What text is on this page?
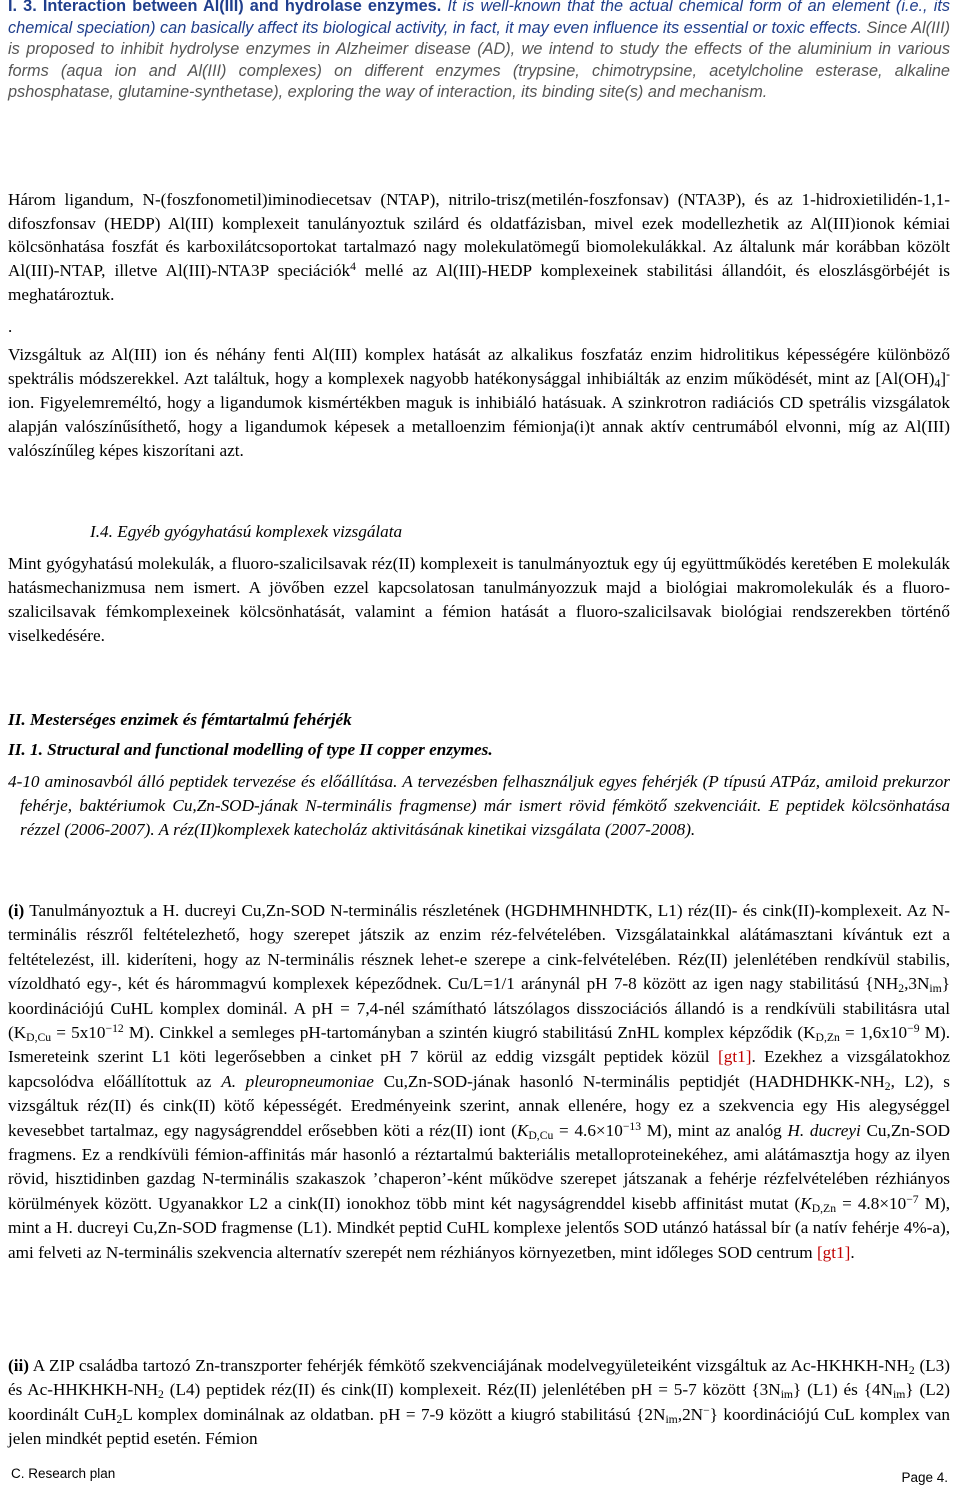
I. 3. Interaction between Al(III) and hydrolase enzymes. It is well-known that the actual chemical form of an element (i.e., its chemical speciation) can basically affect its biological activity, in fact, it may even influence its essential or toxic effects. Since Al(III) is proposed to inhibit hydrolyse enzymes in Alzheimer disease (AD), we intend to study the effects of the aluminium in various forms (aqua ion and Al(III) complexes) on different enzymes (trypsine, chimotrypsine, acetylcholine esterase, alkaline pshosphatase, glutamine-synthetase), exploring the way of interaction, its binding site(s) and mechanism.

Három ligandum, N-(foszfonometil)iminodiecetsav (NTAP), nitrilo-trisz(metilén-foszfonsav) (NTA3P), és az 1-hidroxietilidén-1,1-difoszfonsav (HEDP) Al(III) komplexeit tanulányoztuk szilárd és oldatfázisban, mivel ezek modellezhetik az Al(III)ionok kémiai kölcsönhatása foszfát és karboxilátcsoportokat tartalmazó nagy molekulatömegű biomolekulákkal. Az általunk már korábban közölt Al(III)-NTAP, illetve Al(III)-NTA3P speciációk$^4$ mellé az Al(III)-HEDP komplexeinek stabilitási állandóit, és eloszlásgörbéjét is meghatároztuk.

.

Vizsgáltuk az Al(III) ion és néhány fenti Al(III) komplex hatását az alkalikus foszfatáz enzim hidrolitikus képességére különböző spektrális módszerekkel. Azt találtuk, hogy a komplexek nagyobb hatékonysággal inhibiálták az enzim működését, mint az $[Al(OH)_4]^-$ ion. Figyelemreméltó, hogy a ligandumok kismértékben maguk is inhibiáló hatásuak. A szinkrotron radiációs CD spetrális vizsgálatok alapján valószínűsíthető, hogy a ligandumok képesek a metalloenzim fémionja(i)t annak aktív centrumából elvonni, míg az Al(III) valószínűleg képes kiszorítani azt.

I.4. Egyéb gyógyhatású komplexek vizsgálata

Mint gyógyhatású molekulák, a fluoro-szalicilsavak réz(II) komplexeit is tanulmányoztuk egy új együttműködés keretében E molekulák hatásmechanizmusa nem ismert. A jövőben ezzel kapcsolatosan tanulmányozzuk majd a biológiai makromolekulák és a fluoro-szalicilsavak fémkomplexeinek kölcsönhatását, valamint a fémion hatását a fluoro-szalicilsavak biológiai rendszerekben történő viselkedésére.

II. Mesterséges enzimek és fémtartalmú fehérjék
II. 1. Structural and functional modelling of type II copper enzymes.

4-10 aminosavból álló peptidek tervezése és előállítása. A tervezésben felhasználjuk egyes fehérjék (P típusú ATPáz, amiloid prekurzor fehérje, baktériumok Cu,Zn-SOD-jának N-terminális fragmense) már ismert rövid fémkötő szekvenciáit. E peptidek kölcsönhatása rézzel (2006-2007). A réz(II)komplexek katecholáz aktivitásának kinetikai vizsgálata (2007-2008).

(i) Tanulmányoztuk a H. ducreyi Cu,Zn-SOD N-terminális részletének (HGDHMHNHDTK, L1) réz(II)- és cink(II)-komplexeit. Az N-terminális részről feltételezhető, hogy szerepet játszik az enzim réz-felvételében. Vizsgálatainkkal alátámasztani kívántuk ezt a feltételezést, ill. kideríteni, hogy az N-terminális résznek lehet-e szerepe a cink-felvételében. Réz(II) jelenlétében rendkívül stabilis, vízoldható egy-, két és hárommagvú komplexek képeződnek. Cu/L=1/1 aránynál pH 7-8 között az igen nagy stabilitású $\{NH_2,3N_{im}\}$ koordinációjú CuHL komplex dominál. A pH = 7,4-nél számítható látszólagos disszociációs állandó is a rendkívüli stabilitásra utal ($K_{D,Cu} = 5x10^{-12}$ M). Cinkkel a semleges pH-tartományban a szintén kiugró stabilitású ZnHL komplex képződik ($K_{D,Zn} = 1,6x10^{-9}$ M). Ismereteink szerint L1 köti legerősebben a cinket pH 7 körül az eddig vizsgált peptidek közül [gt1]. Ezekhez a vizsgálatokhoz kapcsolódva előállítottuk az A. pleuropneumoniae Cu,Zn-SOD-jának hasonló N-terminális peptidjét ($HADHDHKK-NH_2$, L2), s vizsgáltuk réz(II) és cink(II) kötő képességét. Eredményeink szerint, annak ellenére, hogy ez a szekvencia egy His alegységgel kevesebbet tartalmaz, egy nagyságrenddel erősebben köti a réz(II) iont ($K_{D,Cu} = 4.6\times 10^{-13}$ M), mint az analóg H. ducreyi Cu,Zn-SOD fragmens. Ez a rendkívüli fémion-affinitás már hasonló a réztartalmú bakteriális metalloproteinekéhez, ami alátámasztja hogy az ilyen rövid, hisztidinben gazdag N-terminális szakaszok ’chaperon’-ként működve szerepet játszanak a fehérje rézfelvételében rézhiányos körülmények között. Ugyanakkor L2 a cink(II) ionokhoz több mint két nagyságrenddel kisebb affinitást mutat ($K_{D,Zn} = 4.8\times 10^{-7}$ M), mint a H. ducreyi Cu,Zn-SOD fragmense (L1). Mindkét peptid CuHL komplexe jelentős SOD utánzó hatással bír (a natív fehérje 4%-a), ami felveti az N-terminális szekvencia alternatív szerepét nem rézhiányos környezetben, mint időleges SOD centrum [gt1].

(ii) A ZIP családba tartozó Zn-transzporter fehérjék fémkötő szekvenciájának modelvegyületeiként vizsgáltuk az $Ac-HKHKH-NH_2$ (L3) és $Ac-HHKHKH-NH_2$ (L4) peptidek réz(II) és cink(II) komplexeit. Réz(II) jelenlétében pH = 5-7 között $\{3N_{im}\}$ (L1) és $\{4N_{im}\}$ (L2) koordinált CuH$_2$L komplex dominálnak az oldatban. pH = 7-9 között a kiugró stabilitású $\{2N_{im},2N^-\}$ koordinációjú CuL komplex van jelen mindkét peptid esetén. Fémion

C. Research plan	Page 4.
